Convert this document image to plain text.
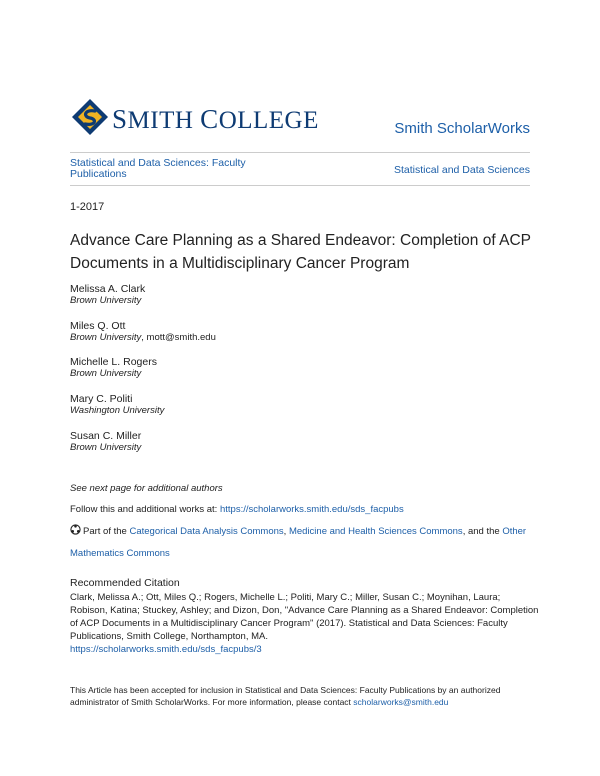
SMITH COLLEGE	Smith ScholarWorks
Statistical and Data Sciences: Faculty Publications	Statistical and Data Sciences
1-2017
Advance Care Planning as a Shared Endeavor: Completion of ACP Documents in a Multidisciplinary Cancer Program
Melissa A. Clark
Brown University
Miles Q. Ott
Brown University, mott@smith.edu
Michelle L. Rogers
Brown University
Mary C. Politi
Washington University
Susan C. Miller
Brown University
See next page for additional authors
Follow this and additional works at: https://scholarworks.smith.edu/sds_facpubs
Part of the Categorical Data Analysis Commons, Medicine and Health Sciences Commons, and the Other Mathematics Commons
Recommended Citation
Clark, Melissa A.; Ott, Miles Q.; Rogers, Michelle L.; Politi, Mary C.; Miller, Susan C.; Moynihan, Laura; Robison, Katina; Stuckey, Ashley; and Dizon, Don, "Advance Care Planning as a Shared Endeavor: Completion of ACP Documents in a Multidisciplinary Cancer Program" (2017). Statistical and Data Sciences: Faculty Publications, Smith College, Northampton, MA.
https://scholarworks.smith.edu/sds_facpubs/3
This Article has been accepted for inclusion in Statistical and Data Sciences: Faculty Publications by an authorized administrator of Smith ScholarWorks. For more information, please contact scholarworks@smith.edu
